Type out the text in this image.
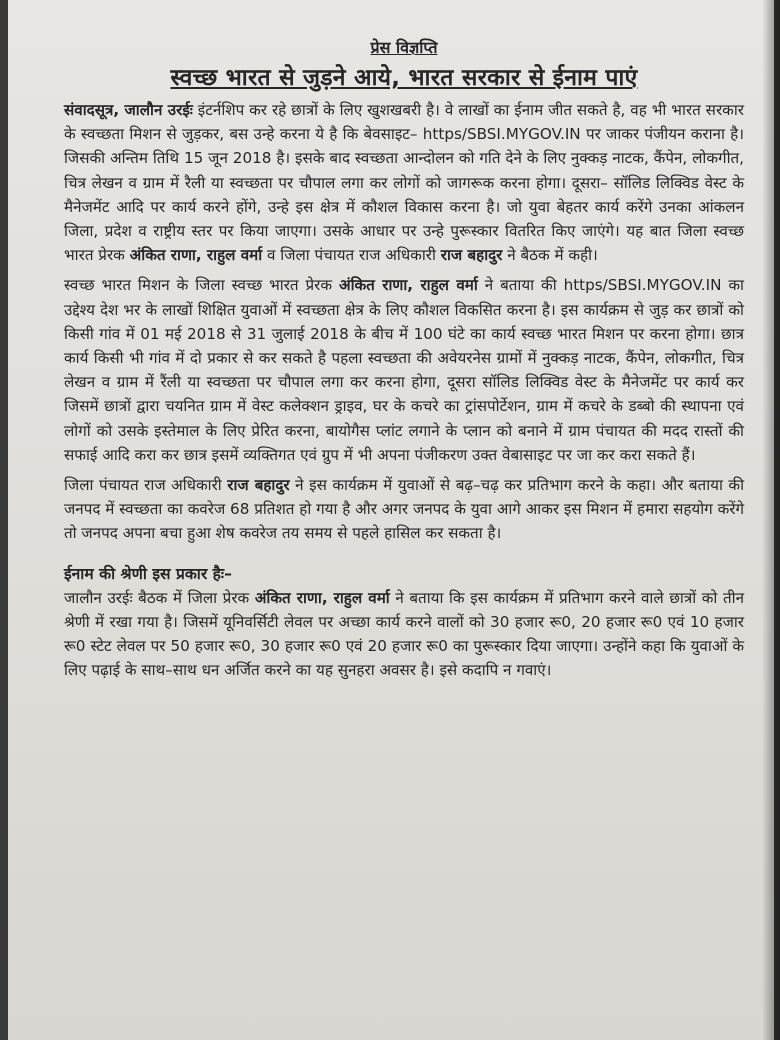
प्रेस विज्ञप्ति
स्वच्छ भारत से जुड़ने आये, भारत सरकार से ईनाम पाएं

संवादसूत्र, जालौन उरईः इंटर्नशिप कर रहे छात्रों के लिए खुशखबरी है। वे लाखों का ईनाम जीत सकते है, वह भी भारत सरकार के स्वच्छता मिशन से जुड़कर, बस उन्हे करना ये है कि बेवसाइट– https/SBSI.MYGOV.IN पर जाकर पंजीयन कराना है। जिसकी अन्तिम तिथि 15 जून 2018 है। इसके बाद स्वच्छता आन्दोलन को गति देने के लिए नुक्कड़ नाटक, कैंपेन, लोकगीत, चित्र लेखन व ग्राम में रैली या स्वच्छता पर चौपाल लगा कर लोगों को जागरूक करना होगा। दूसरा– सॉलिड लिक्विड वेस्ट के मैनेजमेंट आदि पर कार्य करने होंगे, उन्हे इस क्षेत्र में कौशल विकास करना है। जो युवा बेहतर कार्य करेंगे उनका आंकलन जिला, प्रदेश व राष्ट्रीय स्तर पर किया जाएगा। उसके आधार पर उन्हे पुरूस्कार वितरित किए जाएंगे। यह बात जिला स्वच्छ भारत प्रेरक अंकित राणा, राहुल वर्मा व जिला पंचायत राज अधिकारी राज बहादुर ने बैठक में कही।

स्वच्छ भारत मिशन के जिला स्वच्छ भारत प्रेरक अंकित राणा, राहुल वर्मा ने बताया की https/SBSI.MYGOV.IN का उद्देश्य देश भर के लाखों शिक्षित युवाओं में स्वच्छता क्षेत्र के लिए कौशल विकसित करना है। इस कार्यक्रम से जुड़ कर छात्रों को किसी गांव में 01 मई 2018 से 31 जुलाई 2018 के बीच में 100 घंटे का कार्य स्वच्छ भारत मिशन पर करना होगा। छात्र कार्य किसी भी गांव में दो प्रकार से कर सकते है पहला स्वच्छता की अवेयरनेस ग्रामों में नुक्कड़ नाटक, कैंपेन, लोकगीत, चित्र लेखन व ग्राम में रैंली या स्वच्छता पर चौपाल लगा कर करना होगा, दूसरा सॉलिड लिक्विड वेस्ट के मैनेजमेंट पर कार्य कर जिसमें छात्रों द्वारा चयनित ग्राम में वेस्ट कलेक्शन ड्राइव, घर के कचरे का ट्रांसपोर्टेशन, ग्राम में कचरे के डब्बो की स्थापना एवं लोगों को उसके इस्तेमाल के लिए प्रेरित करना, बायोगैस प्लांट लगाने के प्लान को बनाने में ग्राम पंचायत की मदद रास्तों की सफाई आदि करा कर छात्र इसमें व्यक्तिगत एवं ग्रुप में भी अपना पंजीकरण उक्त वेबासाइट पर जा कर करा सकते हैं।

जिला पंचायत राज अधिकारी राज बहादुर ने इस कार्यक्रम में युवाओं से बढ़–चढ़ कर प्रतिभाग करने के कहा। और बताया की जनपद में स्वच्छता का कवरेज 68 प्रतिशत हो गया है और अगर जनपद के युवा आगे आकर इस मिशन में हमारा सहयोग करेंगे तो जनपद अपना बचा हुआ शेष कवरेज तय समय से पहले हासिल कर सकता है।

ईनाम की श्रेणी इस प्रकार हैः–

जालौन उरईः बैठक में जिला प्रेरक अंकित राणा, राहुल वर्मा ने बताया कि इस कार्यक्रम में प्रतिभाग करने वाले छात्रों को तीन श्रेणी में रखा गया है। जिसमें यूनिवर्सिटी लेवल पर अच्छा कार्य करने वालों को 30 हजार रू0, 20 हजार रू0 एवं 10 हजार रू0 स्टेट लेवल पर 50 हजार रू0, 30 हजार रू0 एवं 20 हजार रू0 का पुरूस्कार दिया जाएगा। उन्होंने कहा कि युवाओं के लिए पढ़ाई के साथ–साथ धन अर्जित करने का यह सुनहरा अवसर है। इसे कदापि न गवाएं।
